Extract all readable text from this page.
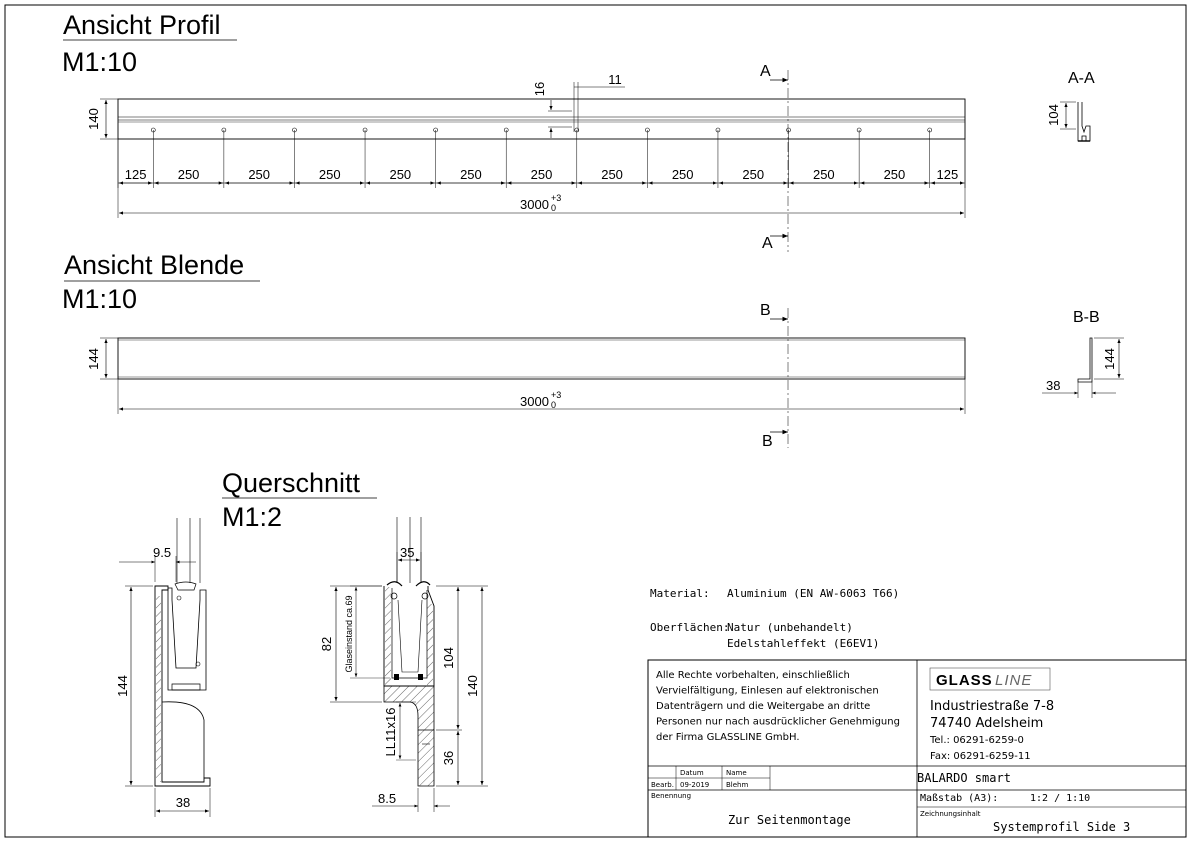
Ansicht Profil
M1:10
140
16
11	A
A
125 250	250	250	250	250	250	250	250	250	250	250 125
3000 +3
0
A-A
104
Ansicht Blende
M1:10
144
B
B
3000 +3
0
B-B
144
38
Querschnitt
M1:2
9.5
144
38
35
82 Glaseinstand ca.69	104
140
36
LL11x16
8.5
Material: Aluminium (EN AW-6063 T66)
Oberflächen:
Natur (unbehandelt)
Edelstahleffekt (E6EV1)
Alle Rechte vorbehalten, einschließlich
Vervielfältigung, Einlesen auf elektronischen
Datenträgern und die Weitergabe an dritte
Personen nur nach ausdrücklicher Genehmigung
der Firma GLASSLINE GmbH.
GLASS LINE
Industriestraße 7-8
74740 Adelsheim
Tel.: 06291-6259-0
Fax: 06291-6259-11
Datum	Name
Bearb. 09-2019 Blehm	BALARDO smart
Benennung
Zur Seitenmontage
Maßstab (A3):	1:2 / 1:10
Zeichnungsinhalt
Systemprofil Side 3
